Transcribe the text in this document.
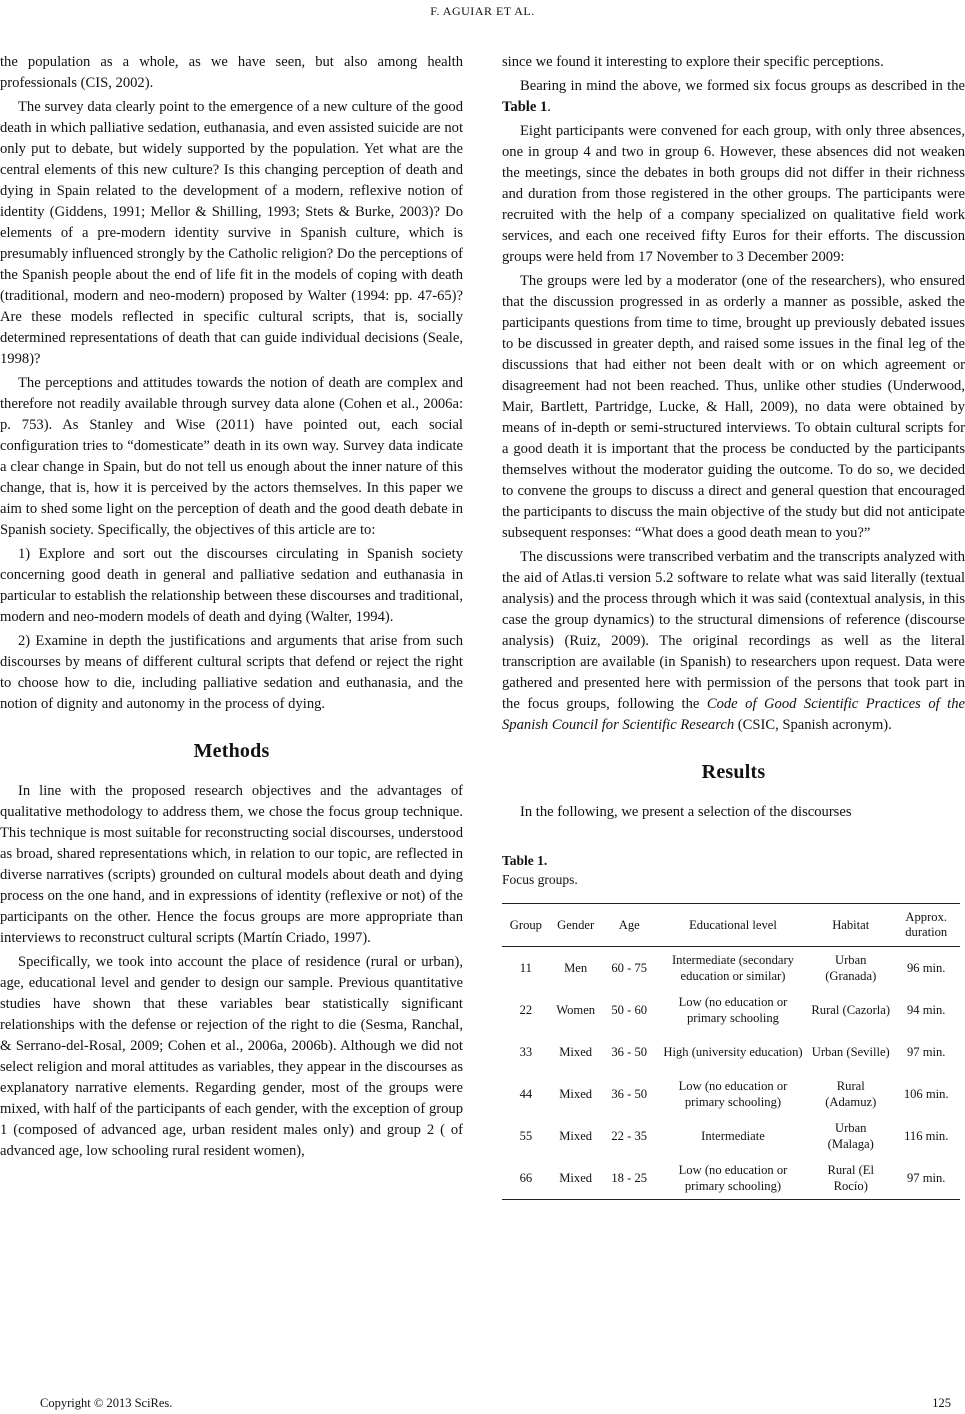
F. AGUIAR ET AL.

the population as a whole, as we have seen, but also among health professionals (CIS, 2002).

The survey data clearly point to the emergence of a new culture of the good death in which palliative sedation, euthanasia, and even assisted suicide are not only put to debate, but widely supported by the population. Yet what are the central elements of this new culture? Is this changing perception of death and dying in Spain related to the development of a modern, reflexive notion of identity (Giddens, 1991; Mellor & Shilling, 1993; Stets & Burke, 2003)? Do elements of a pre-modern identity survive in Spanish culture, which is presumably influenced strongly by the Catholic religion? Do the perceptions of the Spanish people about the end of life fit in the models of coping with death (traditional, modern and neo-modern) proposed by Walter (1994: pp. 47-65)? Are these models reflected in specific cultural scripts, that is, socially determined representations of death that can guide individual decisions (Seale, 1998)?

The perceptions and attitudes towards the notion of death are complex and therefore not readily available through survey data alone (Cohen et al., 2006a: p. 753). As Stanley and Wise (2011) have pointed out, each social configuration tries to “domesticate” death in its own way. Survey data indicate a clear change in Spain, but do not tell us enough about the inner nature of this change, that is, how it is perceived by the actors themselves. In this paper we aim to shed some light on the perception of death and the good death debate in Spanish society. Specifically, the objectives of this article are to:

1) Explore and sort out the discourses circulating in Spanish society concerning good death in general and palliative sedation and euthanasia in particular to establish the relationship between these discourses and traditional, modern and neo-modern models of death and dying (Walter, 1994).

2) Examine in depth the justifications and arguments that arise from such discourses by means of different cultural scripts that defend or reject the right to choose how to die, including palliative sedation and euthanasia, and the notion of dignity and autonomy in the process of dying.

Methods

In line with the proposed research objectives and the advantages of qualitative methodology to address them, we chose the focus group technique. This technique is most suitable for reconstructing social discourses, understood as broad, shared representations which, in relation to our topic, are reflected in diverse narratives (scripts) grounded on cultural models about death and dying process on the one hand, and in expressions of identity (reflexive or not) of the participants on the other. Hence the focus groups are more appropriate than interviews to reconstruct cultural scripts (Martín Criado, 1997).

Specifically, we took into account the place of residence (rural or urban), age, educational level and gender to design our sample. Previous quantitative studies have shown that these variables bear statistically significant relationships with the defense or rejection of the right to die (Sesma, Ranchal, & Serrano-del-Rosal, 2009; Cohen et al., 2006a, 2006b). Although we did not select religion and moral attitudes as variables, they appear in the discourses as explanatory narrative elements. Regarding gender, most of the groups were mixed, with half of the participants of each gender, with the exception of group 1 (composed of advanced age, urban resident males only) and group 2 ( of advanced age, low schooling rural resident women),

since we found it interesting to explore their specific perceptions.

Bearing in mind the above, we formed six focus groups as described in the Table 1.

Eight participants were convened for each group, with only three absences, one in group 4 and two in group 6. However, these absences did not weaken the meetings, since the debates in both groups did not differ in their richness and duration from those registered in the other groups. The participants were recruited with the help of a company specialized on qualitative field work services, and each one received fifty Euros for their efforts. The discussion groups were held from 17 November to 3 December 2009:

The groups were led by a moderator (one of the researchers), who ensured that the discussion progressed in as orderly a manner as possible, asked the participants questions from time to time, brought up previously debated issues to be discussed in greater depth, and raised some issues in the final leg of the discussions that had either not been dealt with or on which agreement or disagreement had not been reached. Thus, unlike other studies (Underwood, Mair, Bartlett, Partridge, Lucke, & Hall, 2009), no data were obtained by means of in-depth or semi-structured interviews. To obtain cultural scripts for a good death it is important that the process be conducted by the participants themselves without the moderator guiding the outcome. To do so, we decided to convene the groups to discuss a direct and general question that encouraged the participants to discuss the main objective of the study but did not anticipate subsequent responses: “What does a good death mean to you?”

The discussions were transcribed verbatim and the transcripts analyzed with the aid of Atlas.ti version 5.2 software to relate what was said literally (textual analysis) and the process through which it was said (contextual analysis, in this case the group dynamics) to the structural dimensions of reference (discourse analysis) (Ruiz, 2009). The original recordings as well as the literal transcription are available (in Spanish) to researchers upon request. Data were gathered and presented here with permission of the persons that took part in the focus groups, following the Code of Good Scientific Practices of the Spanish Council for Scientific Research (CSIC, Spanish acronym).

Results

In the following, we present a selection of the discourses

Table 1.
Focus groups.
Group	Gender	Age	Educational level	Habitat	Approx. duration
11	Men	60 - 75	Intermediate (secondary education or similar)	Urban (Granada)	96 min.
22	Women	50 - 60	Low (no education or primary schooling	Rural (Cazorla)	94 min.
33	Mixed	36 - 50	High (university education)	Urban (Seville)	97 min.
44	Mixed	36 - 50	Low (no education or primary schooling)	Rural (Adamuz)	106 min.
55	Mixed	22 - 35	Intermediate	Urban (Malaga)	116 min.
66	Mixed	18 - 25	Low (no education or primary schooling)	Rural (El Rocío)	97 min.
Copyright © 2013 SciRes.	125
